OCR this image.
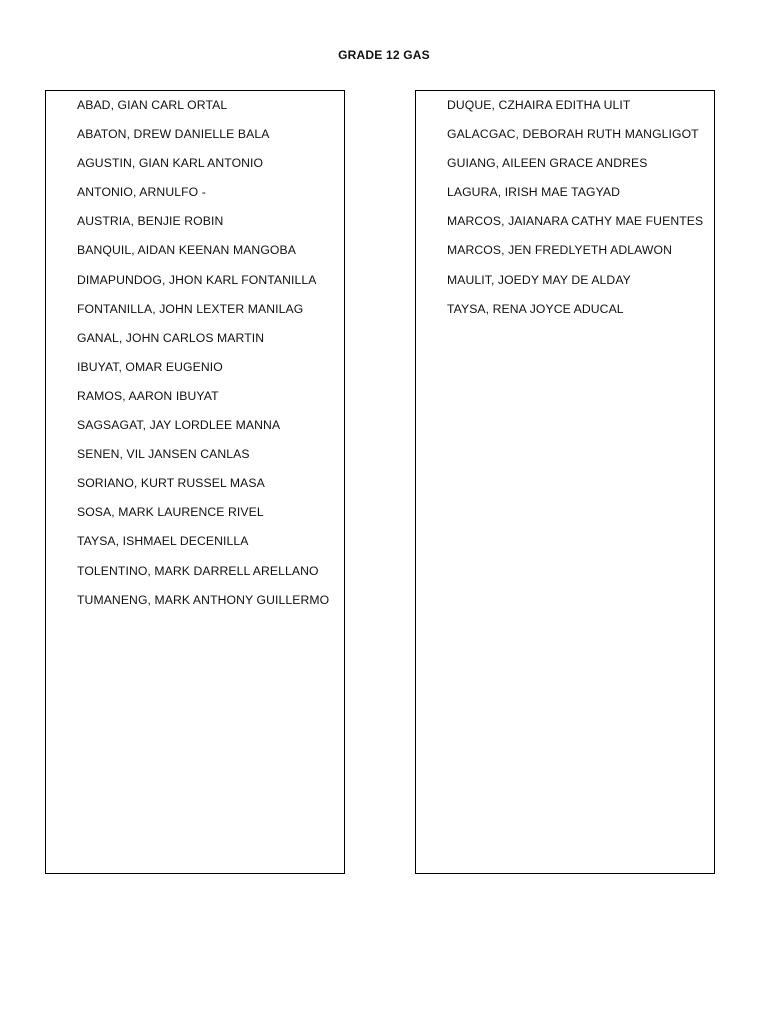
GRADE 12 GAS
ABAD, GIAN CARL ORTAL
ABATON, DREW DANIELLE BALA
AGUSTIN, GIAN KARL ANTONIO
ANTONIO, ARNULFO -
AUSTRIA, BENJIE ROBIN
BANQUIL, AIDAN KEENAN MANGOBA
DIMAPUNDOG, JHON KARL FONTANILLA
FONTANILLA, JOHN LEXTER MANILAG
GANAL, JOHN CARLOS MARTIN
IBUYAT, OMAR EUGENIO
RAMOS, AARON IBUYAT
SAGSAGAT, JAY LORDLEE MANNA
SENEN, VIL JANSEN CANLAS
SORIANO, KURT RUSSEL MASA
SOSA, MARK LAURENCE RIVEL
TAYSA, ISHMAEL DECENILLA
TOLENTINO, MARK DARRELL ARELLANO
TUMANENG, MARK ANTHONY GUILLERMO
DUQUE, CZHAIRA EDITHA ULIT
GALACGAC, DEBORAH RUTH MANGLIGOT
GUIANG, AILEEN GRACE ANDRES
LAGURA, IRISH MAE TAGYAD
MARCOS, JAIANARA CATHY MAE FUENTES
MARCOS, JEN FREDLYETH ADLAWON
MAULIT, JOEDY MAY DE ALDAY
TAYSA, RENA JOYCE ADUCAL
